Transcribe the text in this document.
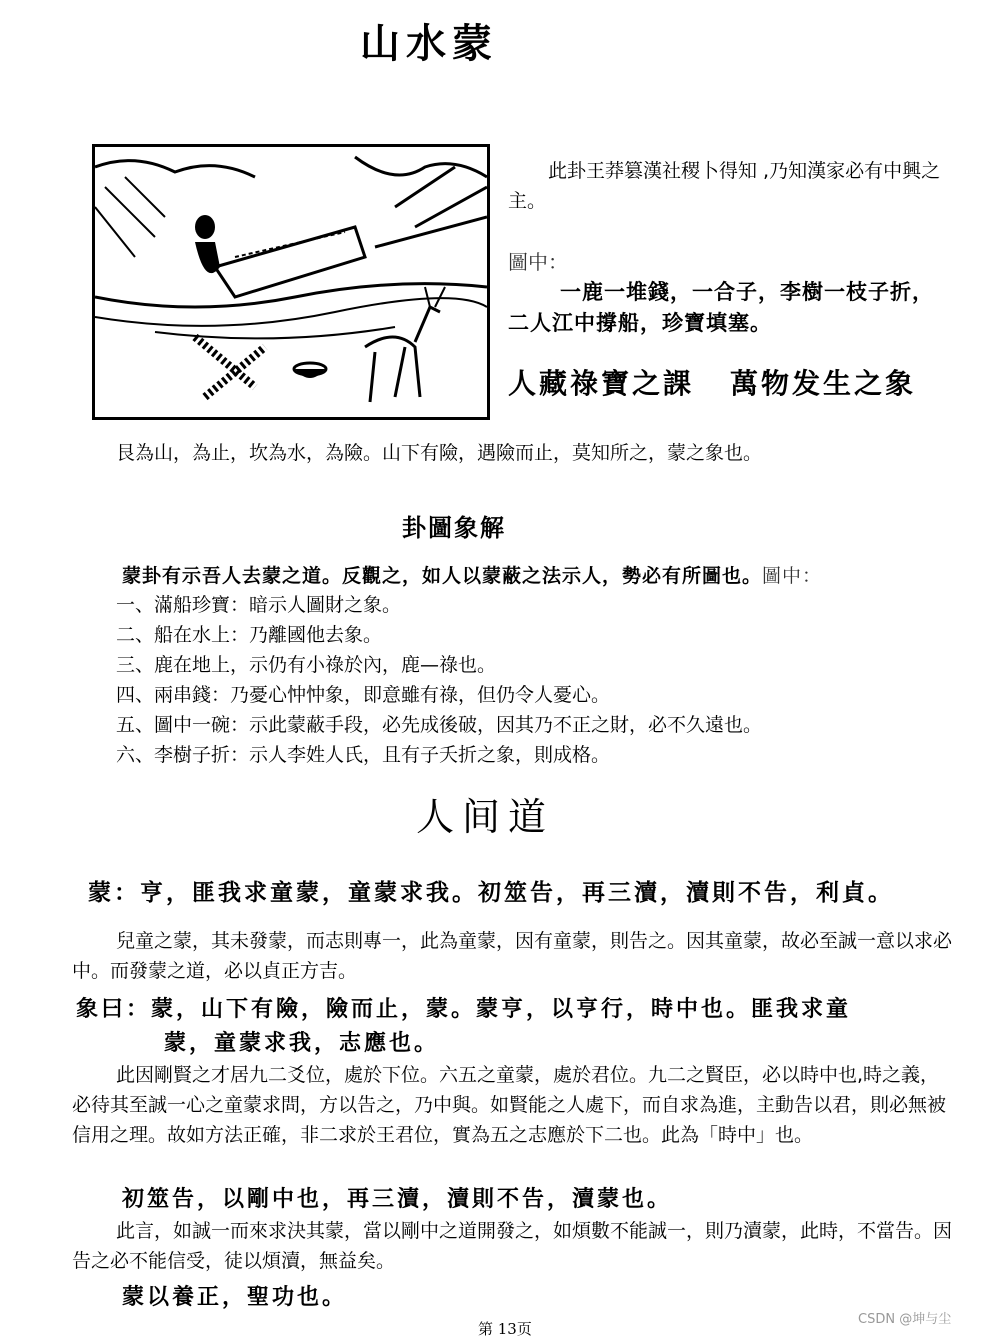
山水蒙
此卦王莽篡漢社稷卜得知 ,乃知漢家必有中興之主。
圖中：
一鹿一堆錢，一合子，李樹一枝子折，
二人江中撐船，珍寶填塞。
人藏祿寶之課 萬物发生之象
艮為山，為止，坎為水，為險。山下有險，遇險而止，莫知所之，蒙之象也。
卦圖象解
蒙卦有示吾人去蒙之道。反觀之，如人以蒙蔽之法示人，勢必有所圖也。圖中：
一、滿船珍寶：暗示人圖財之象。
二、船在水上：乃離國他去象。
三、鹿在地上，示仍有小祿於內，鹿—祿也。
四、兩串錢：乃憂心忡忡象，即意雖有祿，但仍令人憂心。
五、圖中一碗：示此蒙蔽手段，必先成後破，因其乃不正之財，必不久遠也。
六、李樹子折：示人李姓人氏，且有子夭折之象，則成格。
人间道
蒙：亨，匪我求童蒙，童蒙求我。初筮告，再三瀆，瀆則不告，利貞。
兒童之蒙，其未發蒙，而志則專一，此為童蒙，因有童蒙，則告之。因其童蒙，故必至誠一意以求必中。而發蒙之道，必以貞正方吉。
象曰：蒙，山下有險，險而止，蒙。蒙亨，以亨行，時中也。匪我求童
蒙，童蒙求我，志應也。
此因剛賢之才居九二爻位，處於下位。六五之童蒙，處於君位。九二之賢臣，必以時中也,時之義，必待其至誠一心之童蒙求問，方以告之，乃中與。如賢能之人處下，而自求為進，主動告以君，則必無被信用之理。故如方法正確，非二求於王君位，實為五之志應於下二也。此為「時中」也。
初筮告，以剛中也，再三瀆，瀆則不告，瀆蒙也。
此言，如誠一而來求決其蒙，當以剛中之道開發之，如煩數不能誠一，則乃瀆蒙，此時，不當告。因告之必不能信受，徒以煩瀆，無益矣。
蒙以養正，聖功也。
第 13页
CSDN @坤与尘
